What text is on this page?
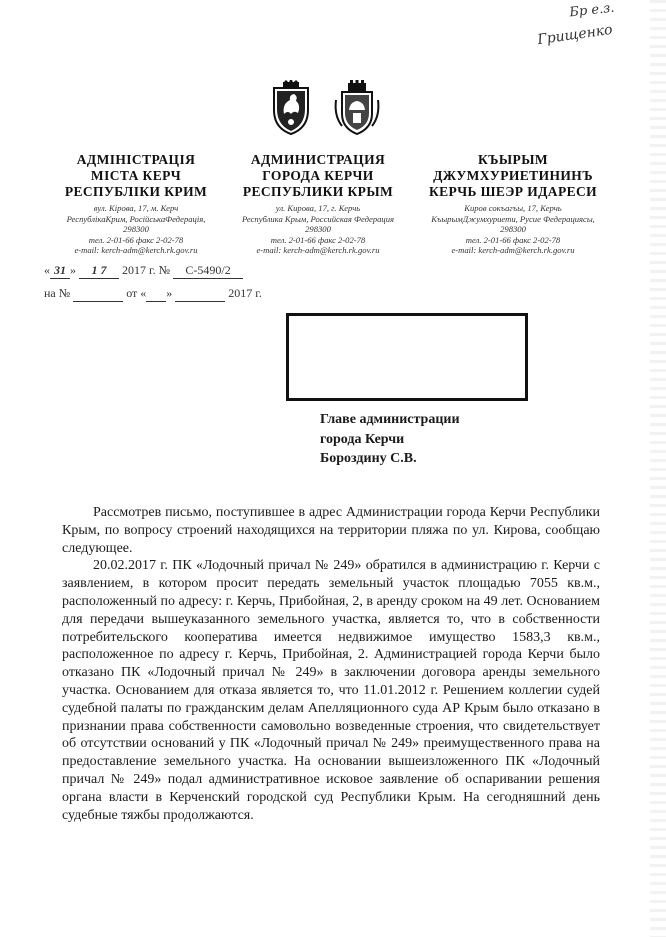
Бр е.з.
Грищенко
АДМІНІСТРАЦІЯ
МІСТА КЕРЧ
РЕСПУБЛІКИ КРИМ
вул. Кірова, 17, м. Керч
РеспублікаКрим, РосійськаФедерація,
298300
тел. 2-01-66 факс 2-02-78
e-mail: kerch-adm@kerch.rk.gov.ru
АДМИНИСТРАЦИЯ
ГОРОДА КЕРЧИ
РЕСПУБЛИКИ КРЫМ
ул. Кирова, 17, г. Керчь
Республика Крым, Российская Федерация
298300
тел. 2-01-66 факс 2-02-78
e-mail: kerch-adm@kerch.rk.gov.ru
КЪЫРЫМ
ДЖУМХУРИЕТИНИНЪ
КЕРЧЬ ШЕЭР ИДАРЕСИ
Киров сокъагъы, 17, Керчь
КъырымДжумхуриети, Русие Федерациясы,
298300
тел. 2-01-66 факс 2-02-78
e-mail: kerch-adm@kerch.rk.gov.ru
« 31 » 1 7 2017 г. № С-5490/2
на №	от « »	2017 г.
Главе администрации
города Керчи
Бороздину С.В.

Рассмотрев письмо, поступившее в адрес Администрации города Керчи Республики Крым, по вопросу строений находящихся на территории пляжа по ул. Кирова, сообщаю следующее.

20.02.2017 г. ПК «Лодочный причал № 249» обратился в администрацию г. Керчи с заявлением, в котором просит передать земельный участок площадью 7055 кв.м., расположенный по адресу: г. Керчь, Прибойная, 2, в аренду сроком на 49 лет. Основанием для передачи вышеуказанного земельного участка, является то, что в собственности потребительского кооператива имеется недвижимое имущество 1583,3 кв.м., расположенное по адресу г. Керчь, Прибойная, 2. Администрацией города Керчи было отказано ПК «Лодочный причал № 249» в заключении договора аренды земельного участка. Основанием для отказа является то, что 11.01.2012 г. Решением коллегии судей судебной палаты по гражданским делам Апелляционного суда АР Крым было отказано в признании права собственности самовольно возведенные строения, что свидетельствует об отсутствии оснований у ПК «Лодочный причал № 249» преимущественного права на предоставление земельного участка. На основании вышеизложенного ПК «Лодочный причал № 249» подал административное исковое заявление об оспаривании решения органа власти в Керченский городской суд Республики Крым. На сегодняшний день судебные тяжбы продолжаются.
